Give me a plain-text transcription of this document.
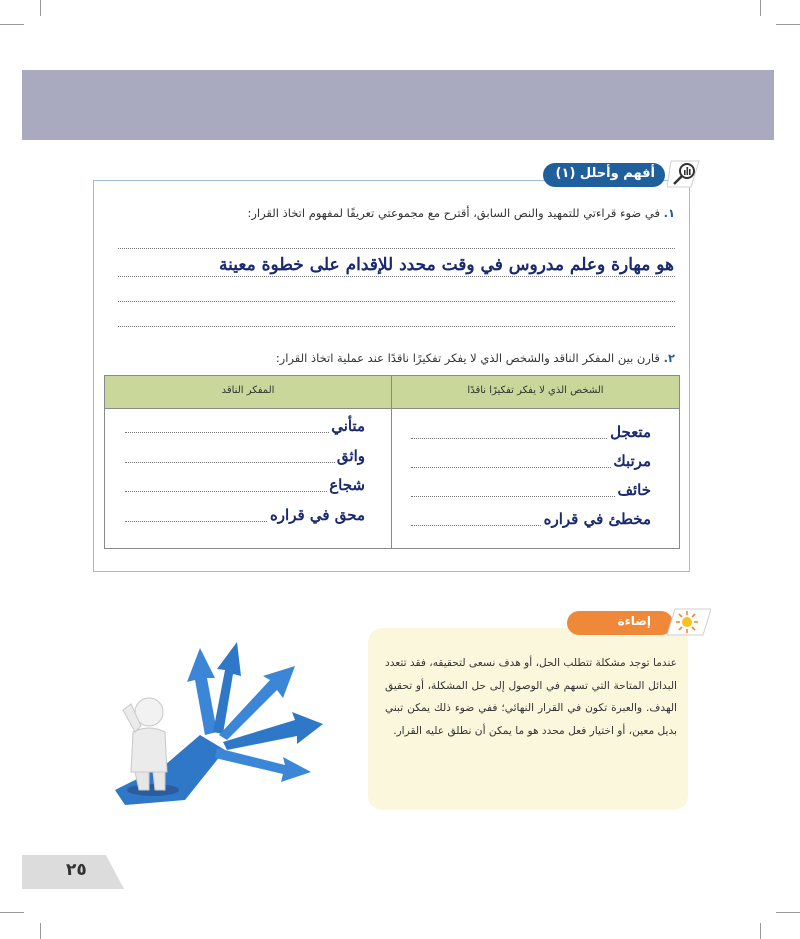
أفهم وأحلل (١)
١. في ضوء قراءتي للتمهيد والنص السابق، أقترح مع مجموعتي تعريفًا لمفهوم اتخاذ القرار:
هو مهارة وعلم مدروس في وقت محدد للإقدام على خطوة معينة
٢. قارن بين المفكر الناقد والشخص الذي لا يفكر تفكيرًا ناقدًا عند عملية اتخاذ القرار:
الشخص الذي لا يفكر تفكيرًا ناقدًا
المفكر الناقد
متعجل
مرتبك
خائف
مخطئ في قراره
متأني
واثق
شجاع
محق في قراره
إضاءة
عندما توجد مشكلة تتطلب الحل، أو هدف نسعى لتحقيقه، فقد تتعدد البدائل المتاحة التي تسهم في الوصول إلى حل المشكلة، أو تحقيق الهدف. والعبرة تكون في القرار النهائي؛ ففي ضوء ذلك يمكن تبني بديل معين، أو اختيار فعل محدد هو ما يمكن أن نطلق عليه القرار.
٢٥
